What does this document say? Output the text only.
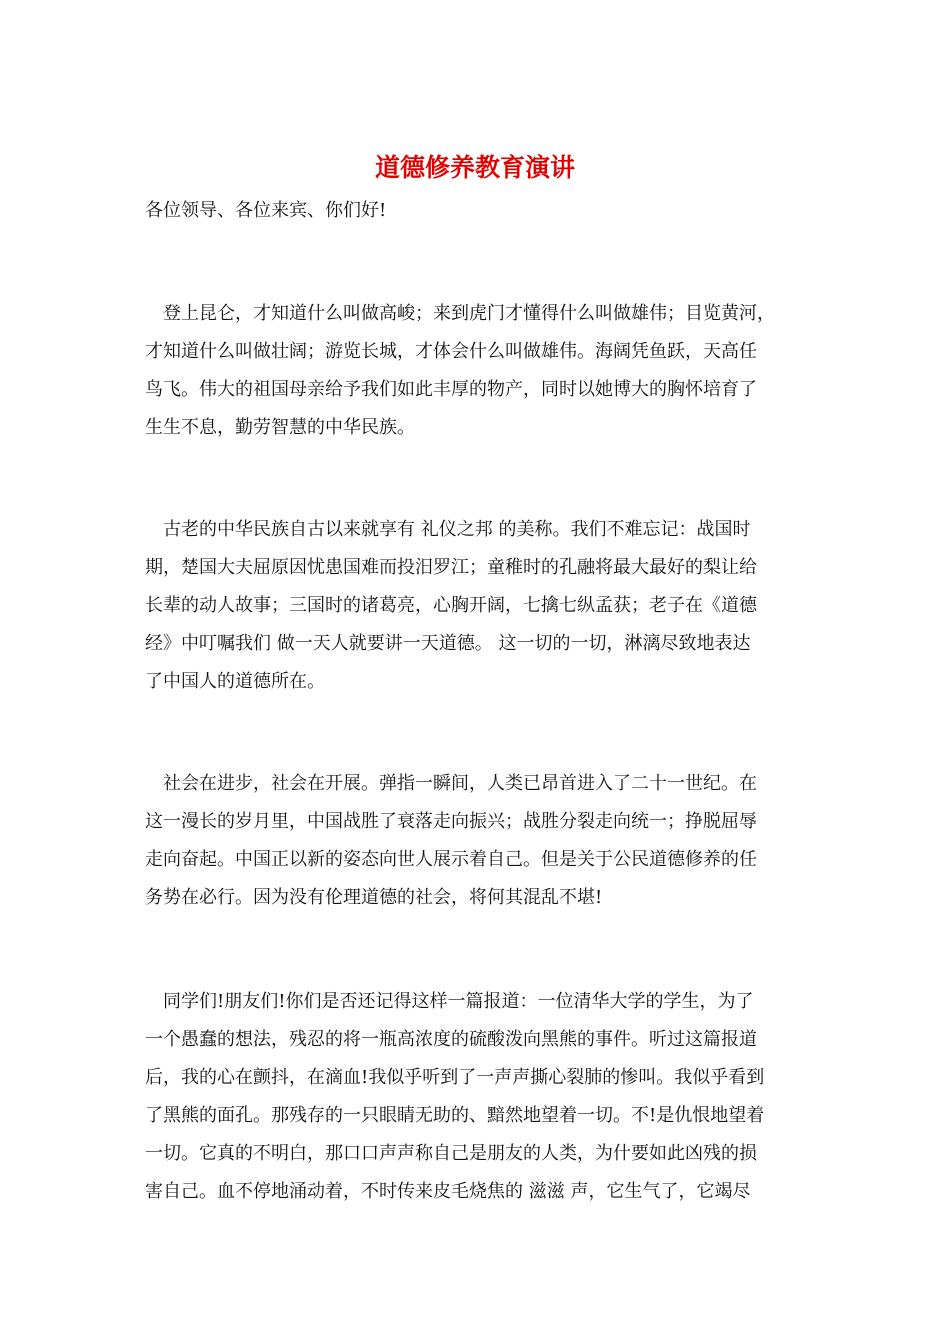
道德修养教育演讲

各位领导、各位来宾、你们好!

　登上昆仑，才知道什么叫做高峻；来到虎门才懂得什么叫做雄伟；目览黄河，
才知道什么叫做壮阔；游览长城，才体会什么叫做雄伟。海阔凭鱼跃，天高任
鸟飞。伟大的祖国母亲给予我们如此丰厚的物产，同时以她博大的胸怀培育了
生生不息，勤劳智慧的中华民族。
　古老的中华民族自古以来就享有 礼仪之邦 的美称。我们不难忘记：战国时
期，楚国大夫屈原因忧患国难而投汨罗江；童稚时的孔融将最大最好的梨让给
长辈的动人故事；三国时的诸葛亮，心胸开阔，七擒七纵孟获；老子在《道德
经》中叮嘱我们 做一天人就要讲一天道德。 这一切的一切，淋漓尽致地表达
了中国人的道德所在。
　社会在进步，社会在开展。弹指一瞬间，人类已昂首进入了二十一世纪。在
这一漫长的岁月里，中国战胜了衰落走向振兴；战胜分裂走向统一；挣脱屈辱
走向奋起。中国正以新的姿态向世人展示着自己。但是关于公民道德修养的任
务势在必行。因为没有伦理道德的社会，将何其混乱不堪!
　同学们!朋友们!你们是否还记得这样一篇报道：一位清华大学的学生，为了
一个愚蠢的想法，残忍的将一瓶高浓度的硫酸泼向黑熊的事件。听过这篇报道
后，我的心在颤抖，在滴血!我似乎听到了一声声撕心裂肺的惨叫。我似乎看到
了黑熊的面孔。那残存的一只眼睛无助的、黯然地望着一切。不!是仇恨地望着
一切。它真的不明白，那口口声声称自己是朋友的人类，为什要如此凶残的损
害自己。血不停地涌动着，不时传来皮毛烧焦的 滋滋 声，它生气了，它竭尽
